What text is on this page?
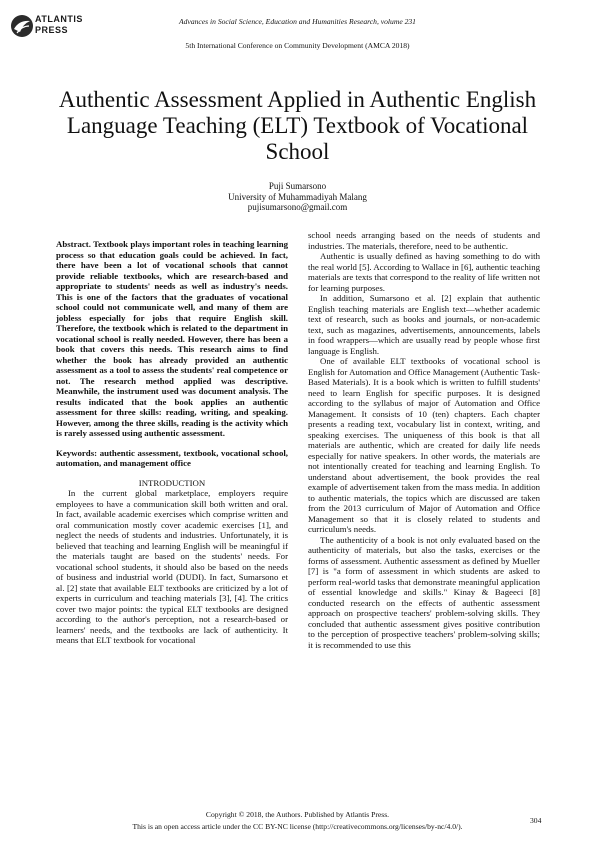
ATLANTIS
PRESS
Advances in Social Science, Education and Humanities Research, volume 231
5th International Conference on Community Development (AMCA 2018)
Authentic Assessment Applied in Authentic English Language Teaching (ELT) Textbook of Vocational School
Puji Sumarsono
University of Muhammadiyah Malang
pujisumarsono@gmail.com

Abstract. Textbook plays important roles in teaching learning process so that education goals could be achieved. In fact, there have been a lot of vocational schools that cannot provide reliable textbooks, which are research-based and appropriate to students' needs as well as industry's needs. This is one of the factors that the graduates of vocational school could not communicate well, and many of them are jobless especially for jobs that require English skill. Therefore, the textbook which is related to the department in vocational school is really needed. However, there has been a book that covers this needs. This research aims to find whether the book has already provided an authentic assessment as a tool to assess the students' real competence or not. The research method applied was descriptive. Meanwhile, the instrument used was document analysis. The results indicated that the book applies an authentic assessment for three skills: reading, writing, and speaking. However, among the three skills, reading is the activity which is rarely assessed using authentic assessment.

Keywords: authentic assessment, textbook, vocational school, automation, and management office

INTRODUCTION

In the current global marketplace, employers require employees to have a communication skill both written and oral. In fact, available academic exercises which comprise written and oral communication mostly cover academic exercises [1], and neglect the needs of students and industries. Unfortunately, it is believed that teaching and learning English will be meaningful if the materials taught are based on the students' needs. For vocational school students, it should also be based on the needs of business and industrial world (DUDI). In fact, Sumarsono et al. [2] state that available ELT textbooks are criticized by a lot of experts in curriculum and teaching materials [3], [4]. The critics cover two major points: the typical ELT textbooks are designed according to the author's perception, not a research-based or learners' needs, and the textbooks are lack of authenticity. It means that ELT textbook for vocational

school needs arranging based on the needs of students and industries. The materials, therefore, need to be authentic.

Authentic is usually defined as having something to do with the real world [5]. According to Wallace in [6], authentic teaching materials are texts that correspond to the reality of life written not for learning purposes.

In addition, Sumarsono et al. [2] explain that authentic English teaching materials are English text—whether academic text of research, such as books and journals, or non-academic text, such as magazines, advertisements, announcements, labels in food wrappers—which are usually read by people whose first language is English.

One of available ELT textbooks of vocational school is English for Automation and Office Management (Authentic Task-Based Materials). It is a book which is written to fulfill students' need to learn English for specific purposes. It is designed according to the syllabus of major of Automation and Office Management. It consists of 10 (ten) chapters. Each chapter presents a reading text, vocabulary list in context, writing, and speaking exercises. The uniqueness of this book is that all materials are authentic, which are created for daily life needs especially for native speakers. In other words, the materials are not intentionally created for teaching and learning English. To understand about advertisement, the book provides the real example of advertisement taken from the mass media. In addition to authentic materials, the topics which are discussed are taken from the 2013 curriculum of Major of Automation and Office Management so that it is closely related to students and curriculum's needs.

The authenticity of a book is not only evaluated based on the authenticity of materials, but also the tasks, exercises or the forms of assessment. Authentic assessment as defined by Mueller [7] is "a form of assessment in which students are asked to perform real-world tasks that demonstrate meaningful application of essential knowledge and skills." Kinay & Bageeci [8] conducted research on the effects of authentic assessment approach on prospective teachers' problem-solving skills. They concluded that authentic assessment gives positive contribution to the perception of prospective teachers' problem-solving skills; it is recommended to use this

Copyright © 2018, the Authors. Published by Atlantis Press.
This is an open access article under the CC BY-NC license (http://creativecommons.org/licenses/by-nc/4.0/).
304
